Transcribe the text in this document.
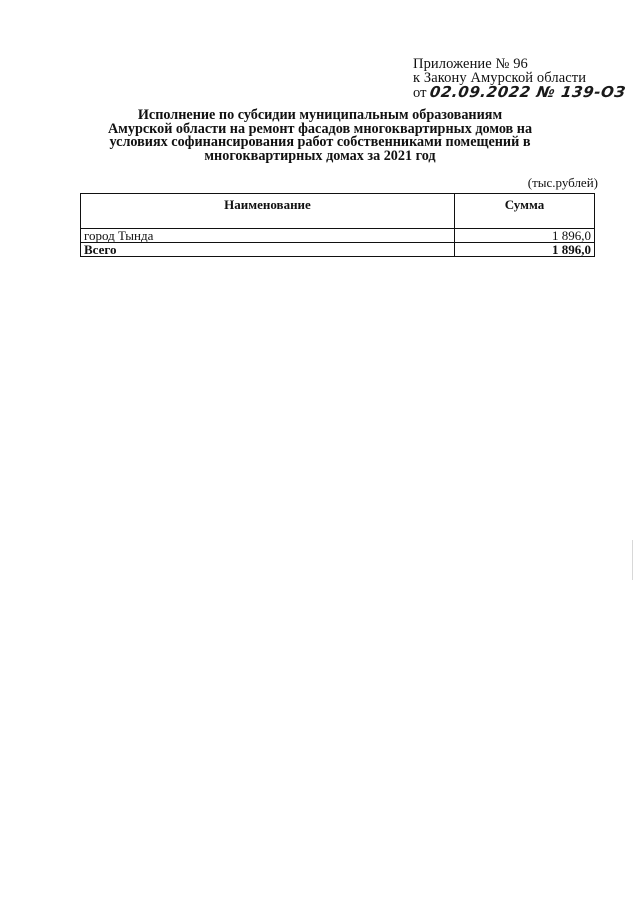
Приложение № 96
к Закону Амурской области
от 02.09.2022 № 139-ОЗ
Исполнение по субсидии муниципальным образованиям
Амурской области на ремонт фасадов многоквартирных домов на
условиях софинансирования работ собственниками помещений в
многоквартирных домах за 2021 год
(тыс.рублей)
Наименование	Сумма
город Тында	1 896,0
Всего	1 896,0
